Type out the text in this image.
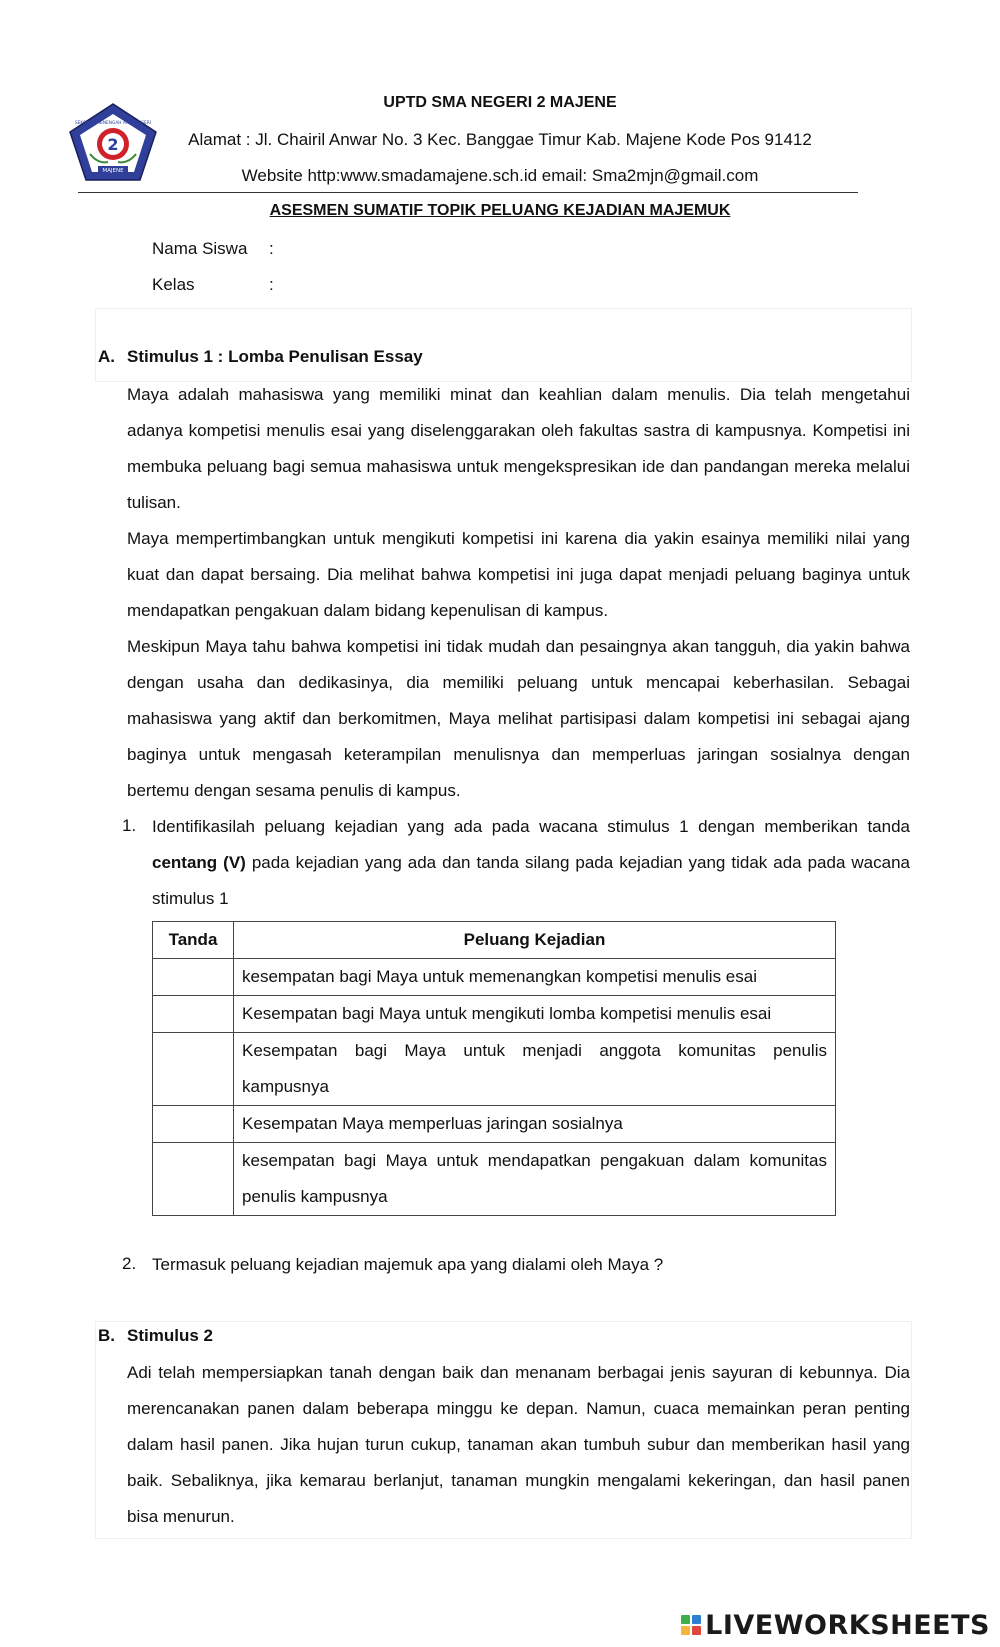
2
MAJENE
SEKOLAH MENENGAH ATAS NEGERI
UPTD SMA NEGERI 2 MAJENE
Alamat : Jl. Chairil Anwar No. 3 Kec. Banggae Timur Kab. Majene Kode Pos 91412
Website http:www.smadamajene.sch.id email: Sma2mjn@gmail.com
ASESMEN SUMATIF TOPIK PELUANG KEJADIAN MAJEMUK
Nama Siswa :
Kelas	:
A. Stimulus 1 : Lomba Penulisan Essay
Maya adalah mahasiswa yang memiliki minat dan keahlian dalam menulis. Dia telah mengetahui adanya kompetisi menulis esai yang diselenggarakan oleh fakultas sastra di kampusnya. Kompetisi ini membuka peluang bagi semua mahasiswa untuk mengekspresikan ide dan pandangan mereka melalui tulisan.
Maya mempertimbangkan untuk mengikuti kompetisi ini karena dia yakin esainya memiliki nilai yang kuat dan dapat bersaing. Dia melihat bahwa kompetisi ini juga dapat menjadi peluang baginya untuk mendapatkan pengakuan dalam bidang kepenulisan di kampus.
Meskipun Maya tahu bahwa kompetisi ini tidak mudah dan pesaingnya akan tangguh, dia yakin bahwa dengan usaha dan dedikasinya, dia memiliki peluang untuk mencapai keberhasilan. Sebagai mahasiswa yang aktif dan berkomitmen, Maya melihat partisipasi dalam kompetisi ini sebagai ajang baginya untuk mengasah keterampilan menulisnya dan memperluas jaringan sosialnya dengan bertemu dengan sesama penulis di kampus.
1. Identifikasilah peluang kejadian yang ada pada wacana stimulus 1 dengan memberikan tanda centang (V) pada kejadian yang ada dan tanda silang pada kejadian yang tidak ada pada wacana stimulus 1
Tanda	Peluang Kejadian
	kesempatan bagi Maya untuk memenangkan kompetisi menulis esai
	Kesempatan bagi Maya untuk mengikuti lomba kompetisi menulis esai
	Kesempatan bagi Maya untuk menjadi anggota komunitas penulis kampusnya
	Kesempatan Maya memperluas jaringan sosialnya
	kesempatan bagi Maya untuk mendapatkan pengakuan dalam komunitas penulis kampusnya
2. Termasuk peluang kejadian majemuk apa yang dialami oleh Maya ?
B. Stimulus 2
Adi telah mempersiapkan tanah dengan baik dan menanam berbagai jenis sayuran di kebunnya. Dia merencanakan panen dalam beberapa minggu ke depan. Namun, cuaca memainkan peran penting dalam hasil panen. Jika hujan turun cukup, tanaman akan tumbuh subur dan memberikan hasil yang baik. Sebaliknya, jika kemarau berlanjut, tanaman mungkin mengalami kekeringan, dan hasil panen bisa menurun.
LIVEWORKSHEETS
